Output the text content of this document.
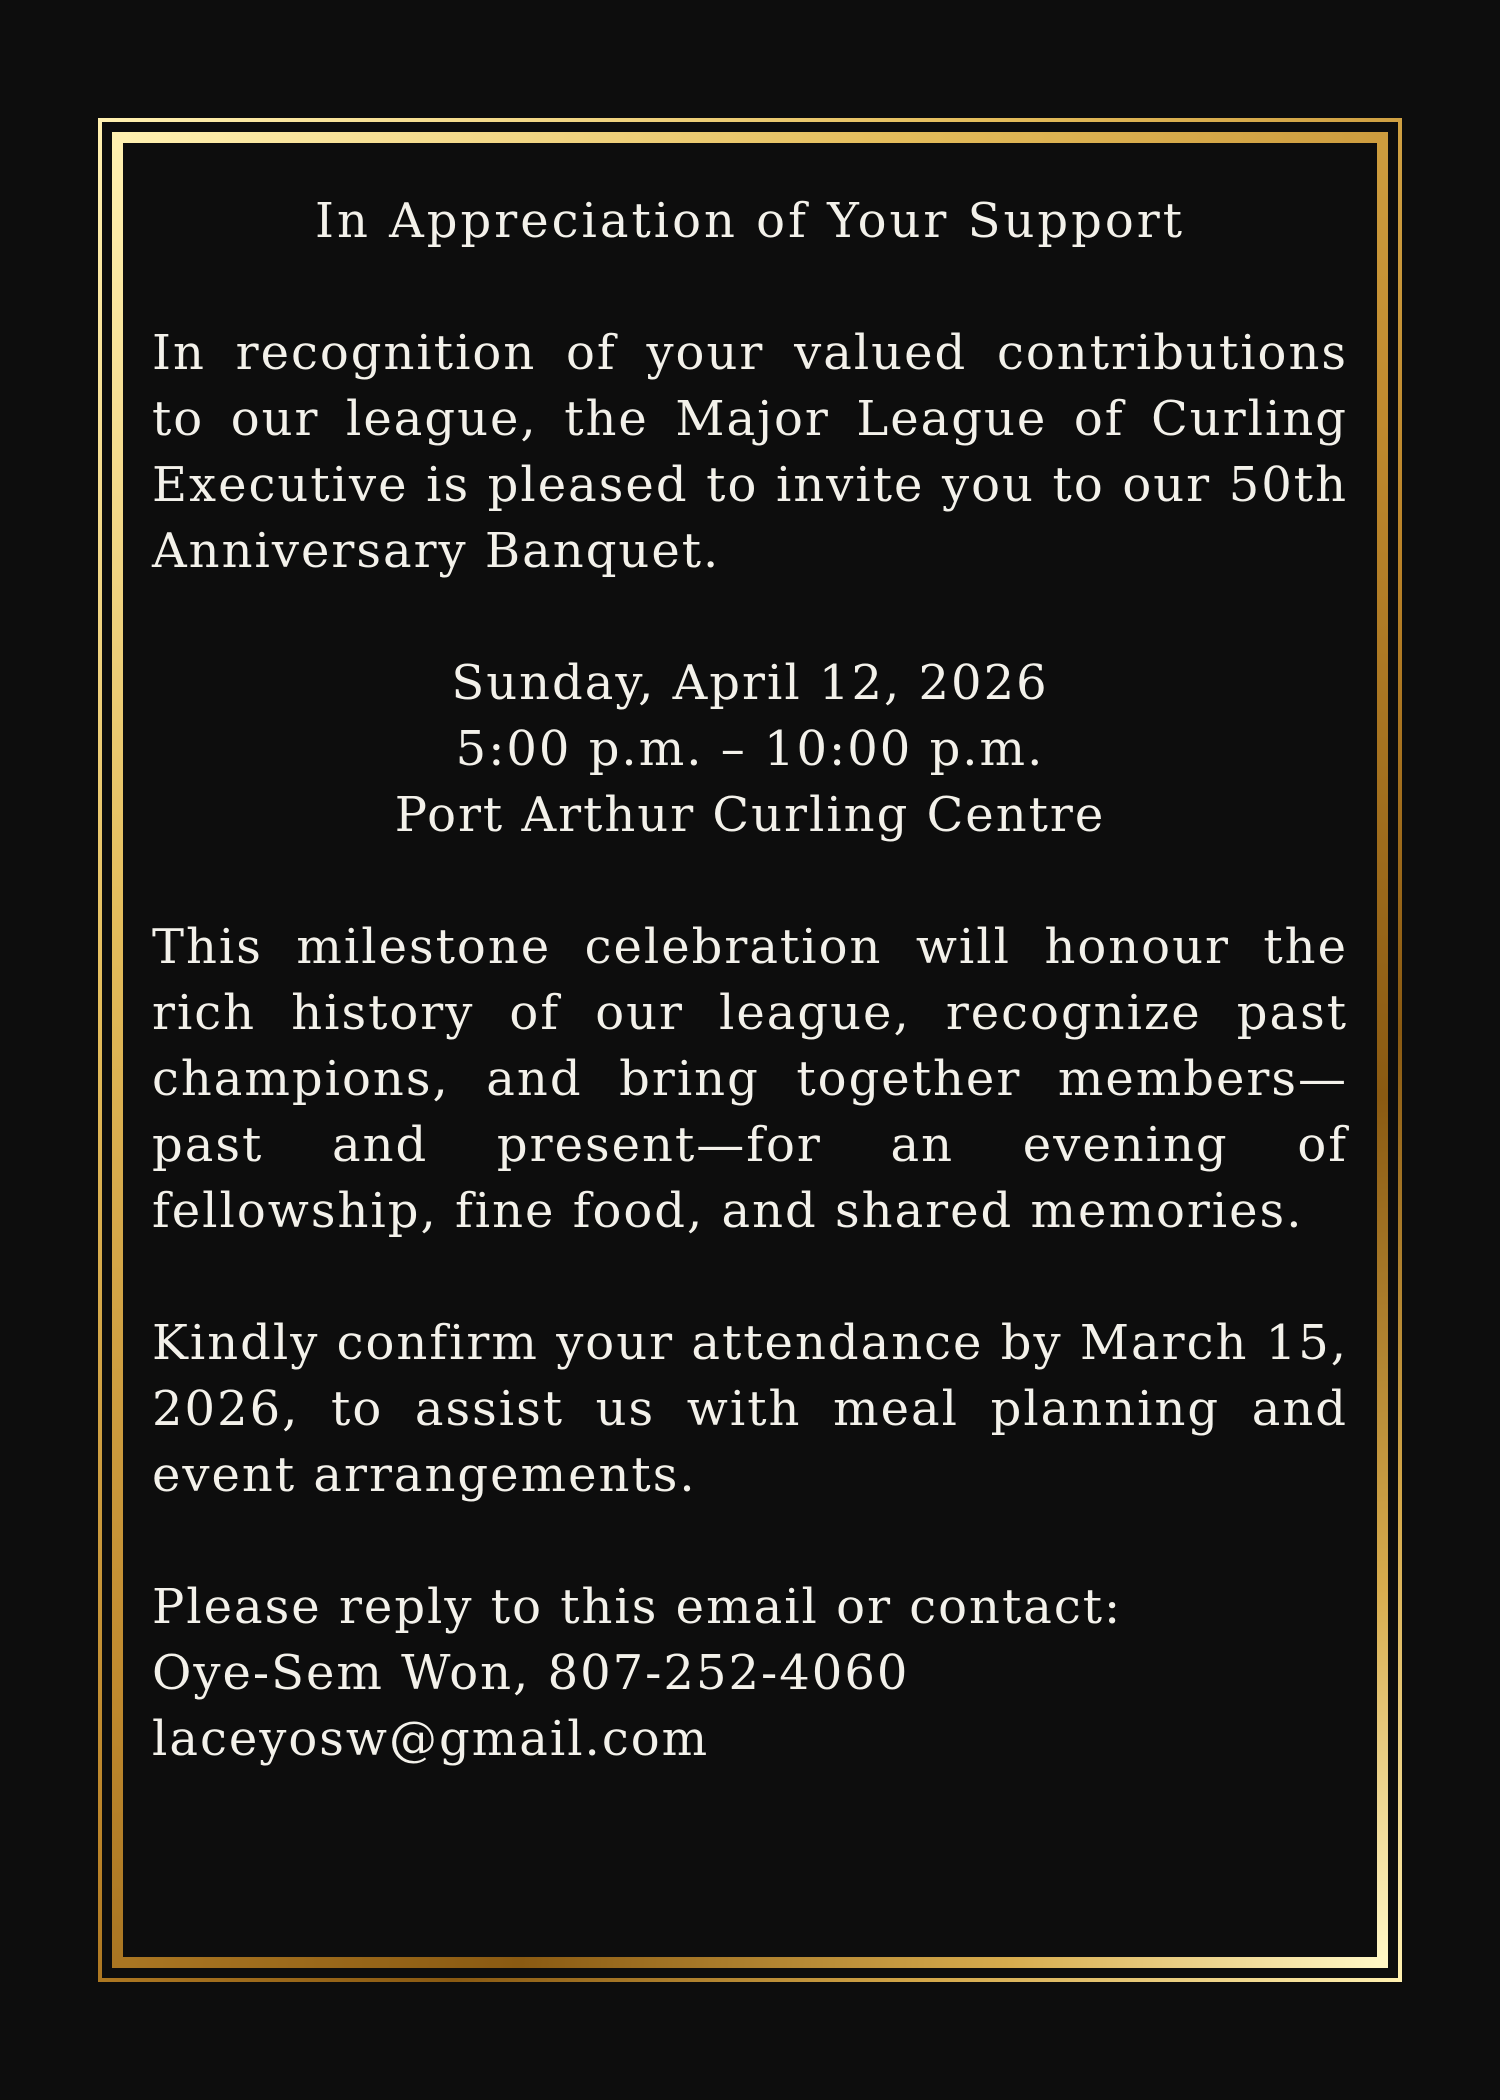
In Appreciation of Your Support

In recognition of your valued contributions to our league, the Major League of Curling Executive is pleased to invite you to our 50th Anniversary Banquet.

Sunday, April 12, 2026
5:00 p.m. – 10:00 p.m.
Port Arthur Curling Centre

This milestone celebration will honour the rich history of our league, recognize past champions, and bring together members—past and present—for an evening of fellowship, fine food, and shared memories.

Kindly confirm your attendance by March 15, 2026, to assist us with meal planning and event arrangements.

Please reply to this email or contact:
Oye-Sem Won, 807-252-4060
laceyosw@gmail.com
